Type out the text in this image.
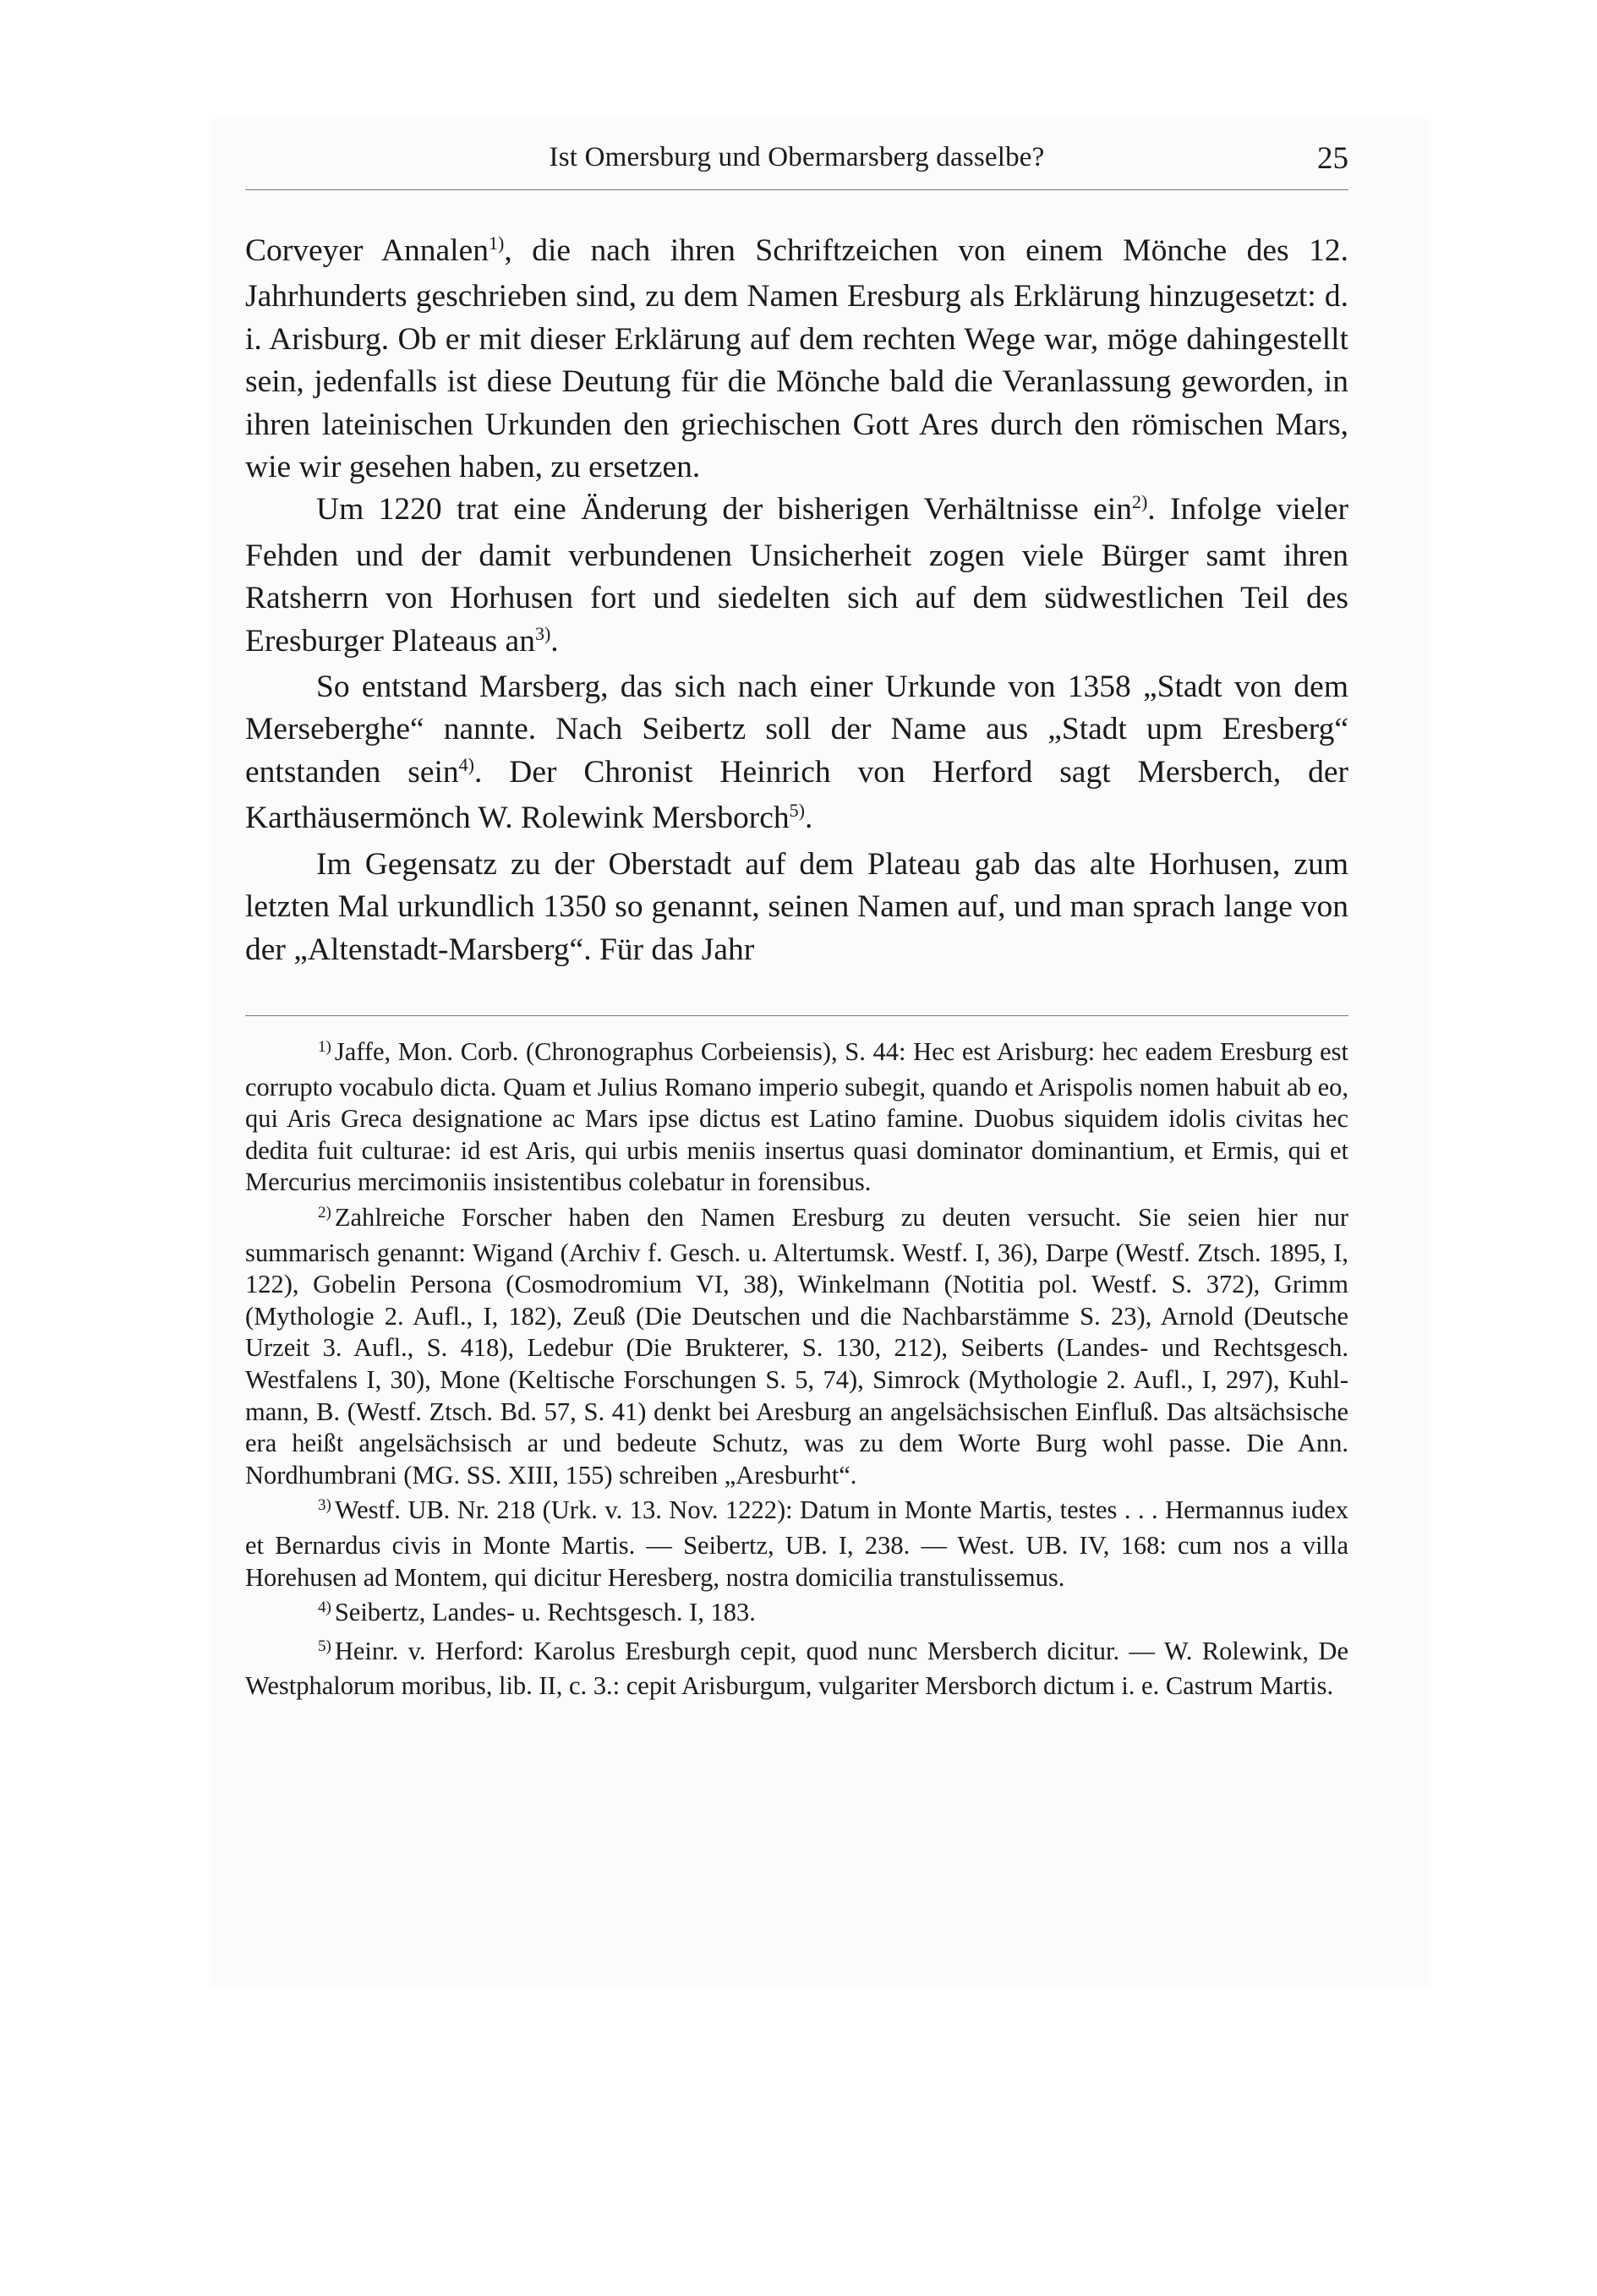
Ist Omersburg und Obermarsberg dasselbe?	25

Corveyer Annalen$^{1)}$, die nach ihren Schriftzeichen von einem Mönche des 12. Jahrhunderts geschrieben sind, zu dem Namen Eresburg als Erklärung hinzugesetzt: d. i. Arisburg. Ob er mit dieser Erklärung auf dem rechten Wege war, möge dahingestellt sein, jedenfalls ist diese Deutung für die Mönche bald die Veranlassung geworden, in ihren lateinischen Urkunden den griechischen Gott Ares durch den römischen Mars, wie wir gesehen haben, zu ersetzen.

Um 1220 trat eine Änderung der bisherigen Verhältnisse ein$^{2)}$. Infolge vieler Fehden und der damit verbundenen Unsicherheit zogen viele Bürger samt ihren Ratsherrn von Horhusen fort und siedelten sich auf dem südwestlichen Teil des Eresburger Plateaus an$^{3)}$.

So entstand Marsberg, das sich nach einer Urkunde von 1358 „Stadt von dem Merseberghe“ nannte. Nach Seibertz soll der Name aus „Stadt upm Eresberg“ entstanden sein$^{4)}$. Der Chronist Heinrich von Herford sagt Mersberch, der Karthäusermönch W. Rolewink Mersborch$^{5)}$.

Im Gegensatz zu der Oberstadt auf dem Plateau gab das alte Horhusen, zum letzten Mal urkundlich 1350 so genannt, seinen Namen auf, und man sprach lange von der „Altenstadt-Marsberg“. Für das Jahr

$^{1)}$ Jaffe, Mon. Corb. (Chronographus Corbeiensis), S. 44: Hec est Arisburg: hec eadem Eresburg est corrupto vocabulo dicta. Quam et Julius Romano imperio subegit, quando et Arispolis nomen habuit ab eo, qui Aris Greca designatione ac Mars ipse dictus est Latino famine. Duobus siquidem idolis civitas hec dedita fuit culturae: id est Aris, qui urbis meniis insertus quasi dominator dominantium, et Ermis, qui et Mercurius mercimoniis insistentibus colebatur in forensibus.

$^{2)}$ Zahlreiche Forscher haben den Namen Eresburg zu deuten versucht. Sie seien hier nur summarisch genannt: Wigand (Archiv f. Gesch. u. Altertumsk. Westf. I, 36), Darpe (Westf. Ztsch. 1895, I, 122), Gobelin Persona (Cosmodromium VI, 38), Winkelmann (Notitia pol. Westf. S. 372), Grimm (Mythologie 2. Aufl., I, 182), Zeuß (Die Deutschen und die Nachbarstämme S. 23), Arnold (Deutsche Urzeit 3. Aufl., S. 418), Ledebur (Die Brukterer, S. 130, 212), Seiberts (Landes- und Rechtsgesch. Westfalens I, 30), Mone (Keltische Forschungen S. 5, 74), Simrock (Mythologie 2. Aufl., I, 297), Kuhlmann, B. (Westf. Ztsch. Bd. 57, S. 41) denkt bei Aresburg an angelsächsischen Einfluß. Das altsächsische era heißt angelsächsisch ar und bedeute Schutz, was zu dem Worte Burg wohl passe. Die Ann. Nordhumbrani (MG. SS. XIII, 155) schreiben „Aresburht“.

$^{3)}$ Westf. UB. Nr. 218 (Urk. v. 13. Nov. 1222): Datum in Monte Martis, testes . . . Hermannus iudex et Bernardus civis in Monte Martis. — Seibertz, UB. I, 238. — West. UB. IV, 168: cum nos a villa Horehusen ad Montem, qui dicitur Heresberg, nostra domicilia transtulissemus.

$^{4)}$ Seibertz, Landes- u. Rechtsgesch. I, 183.

$^{5)}$ Heinr. v. Herford: Karolus Eresburgh cepit, quod nunc Mersberch dicitur. — W. Rolewink, De Westphalorum moribus, lib. II, c. 3.: cepit Arisburgum, vulgariter Mersborch dictum i. e. Castrum Martis.
